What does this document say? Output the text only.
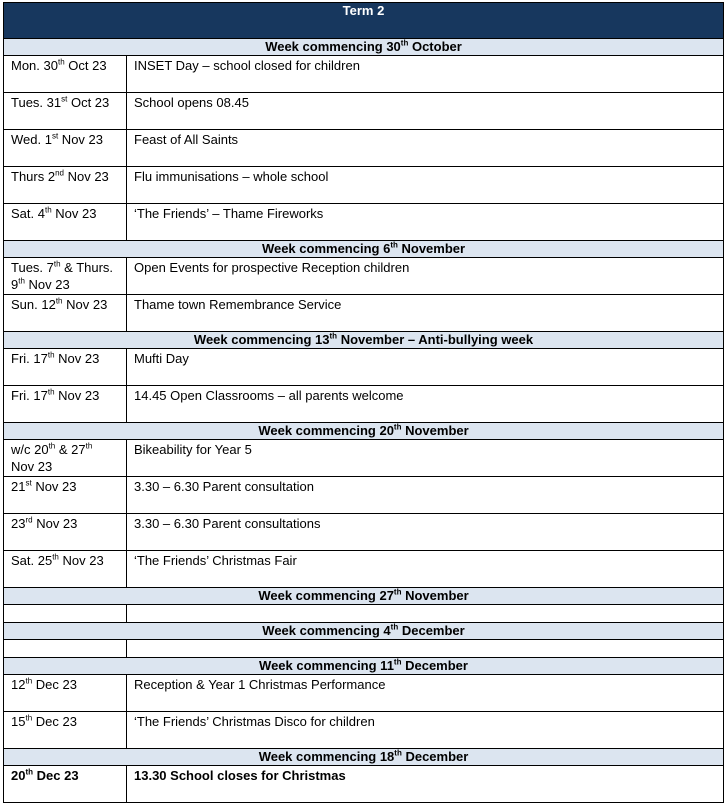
Term 2	
Week commencing 30th October	
Mon. 30th Oct 23	INSET Day – school closed for children
Tues. 31st Oct 23	School opens 08.45
Wed. 1st Nov 23	Feast of All Saints
Thurs 2nd Nov 23	Flu immunisations – whole school
Sat. 4th Nov 23	‘The Friends’ – Thame Fireworks
Week commencing 6th November	
Tues. 7th & Thurs.
9th Nov 23	Open Events for prospective Reception children
Sun. 12th Nov 23	Thame town Remembrance Service
Week commencing 13th November – Anti-bullying week	
Fri. 17th Nov 23	Mufti Day
Fri. 17th Nov 23	14.45 Open Classrooms – all parents welcome
Week commencing 20th November	
w/c 20th & 27th
Nov 23	Bikeability for Year 5
21st Nov 23	3.30 – 6.30 Parent consultation
23rd Nov 23	3.30 – 6.30 Parent consultations
Sat. 25th Nov 23	‘The Friends’ Christmas Fair
Week commencing 27th November	

Week commencing 4th December	

Week commencing 11th December	
12th Dec 23	Reception & Year 1 Christmas Performance
15th Dec 23	‘The Friends’ Christmas Disco for children
Week commencing 18th December	
20th Dec 23	13.30 School closes for Christmas
